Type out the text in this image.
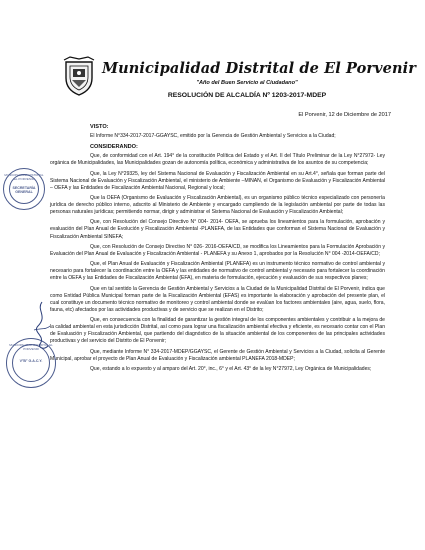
Municipalidad Distrital de El Porvenir
"Año del Buen Servicio al Ciudadano"
RESOLUCIÓN DE ALCALDÍA Nº 1203-2017-MDEP
El Porvenir, 12 de Diciembre de 2017
VISTO:

El Informe N°334-2017-2017-GGAYSC, emitido por la Gerencia de Gestión Ambiental y Servicios a la Ciudad;

CONSIDERANDO:

Que, de conformidad con el Art. 194° de la constitución Política del Estado y el Art. II del Título Preliminar de la Ley N°27972- Ley orgánica de Municipalidades, las Municipalidades gozan de autonomía política, económica y administrativa de los asuntos de su competencia;

Que, la Ley N°29325, ley del Sistema Nacional de Evaluación y Fiscalización Ambiental en su Art.4°, señala que forman parte del Sistema Nacional de Evaluación y Fiscalización Ambiental, el ministerio de Ambiente –MINAN, el Organismo de Evaluación y Fiscalización Ambiental – OEFA y las Entidades de Fiscalización Ambiental Nacional, Regional y local;

Que la OEFA (Organismo de Evaluación y Fiscalización Ambiental), es un organismo público técnico especializado con personería jurídica de derecho público interno, adscrito al Ministerio de Ambiente y encargado cumpliendo de la legislación ambiental por parte de todas las personas naturales jurídicas; permitiendo normar, dirigir y administrar el Sistema Nacional de Evaluación y Fiscalización Ambiental;

Que, con Resolución del Consejo Directivo N° 004- 2014- OEFA, se aprueba los lineamientos para la formulación, aprobación y evaluación del Plan Anual de Evolución y Fiscalización Ambiental -PLANEFA, de las Entidades que conforman el Sistema Nacional de Evaluación y Fiscalización Ambiental SINEFA;

Que, con Resolución de Consejo Directivo N° 026- 2016-OEFA/CD, se modifica los Lineamientos para la Formulación Aprobación y Evaluación del Plan Anual de Evaluación y Fiscalización Ambiental - PLANEFA y su Anexo 1, aprobados por la Resolución N° 004 -2014-OEFA/CD;

Que, el Plan Anual de Evaluación y Fiscalización Ambiental (PLANEFA) es un instrumento técnico normativo de control ambiental y necesario para fortalecer la coordinación entre la OEFA y las entidades de normativo de control ambiental y necesario para fortalecer la coordinación entre la OEFA y las Entidades de Fiscalización Ambiental (EFA), en materia de formulación, ejecución y evaluación de sus respectivos planes;

Que en tal sentido la Gerencia de Gestión Ambiental y Servicios a la Ciudad de la Municipalidad Distrital de El Porvenir, indica que como Entidad Pública Municipal forman parte de la Fiscalización Ambiental (EFAS) es importante la elaboración y aprobación del presente plan, el cual constituye un documento técnico normativo de monitoreo y control ambiental donde se evalúan los factores ambientales (aire, agua, suelo, flora, fauna, etc) afectados por las actividades productivas y de servicio que se realizan en el Distrito;

Que, en consecuencia con la finalidad de garantizar la gestión integral de los componentes ambientales y contribuir a la mejora de la calidad ambiental en esta jurisdicción Distrital, así como para lograr una fiscalización ambiental efectiva y eficiente, es necesario contar con el Plan de Evaluación y Fiscalización Ambiental, que partiendo del diagnóstico de la situación ambiental de los componentes de las principales actividades productivas y del servicio del Distrito de El Porvenir;

Que, mediante Informe N° 334-2017-MDEP/GGAYSC, el Gerente de Gestión Ambiental y Servicios a la Ciudad, solicita al Gerente Municipal, aprobar el proyecto de Plan Anual de Evaluación y Fiscalización ambiental PLANEFA 2018-MDEP;

Que, estando a lo expuesto y al amparo del Art. 20°, inc., 6° y el Art. 43° de la ley N°27972, Ley Orgánica de Municipalidades;

MUNICIPALIDAD DISTRITAL EL PORVENIR
SECRETARÍA GENERAL
MUNICIPALIDAD DISTRITAL EL PORVENIR
V°B° G.A.C.Y.
